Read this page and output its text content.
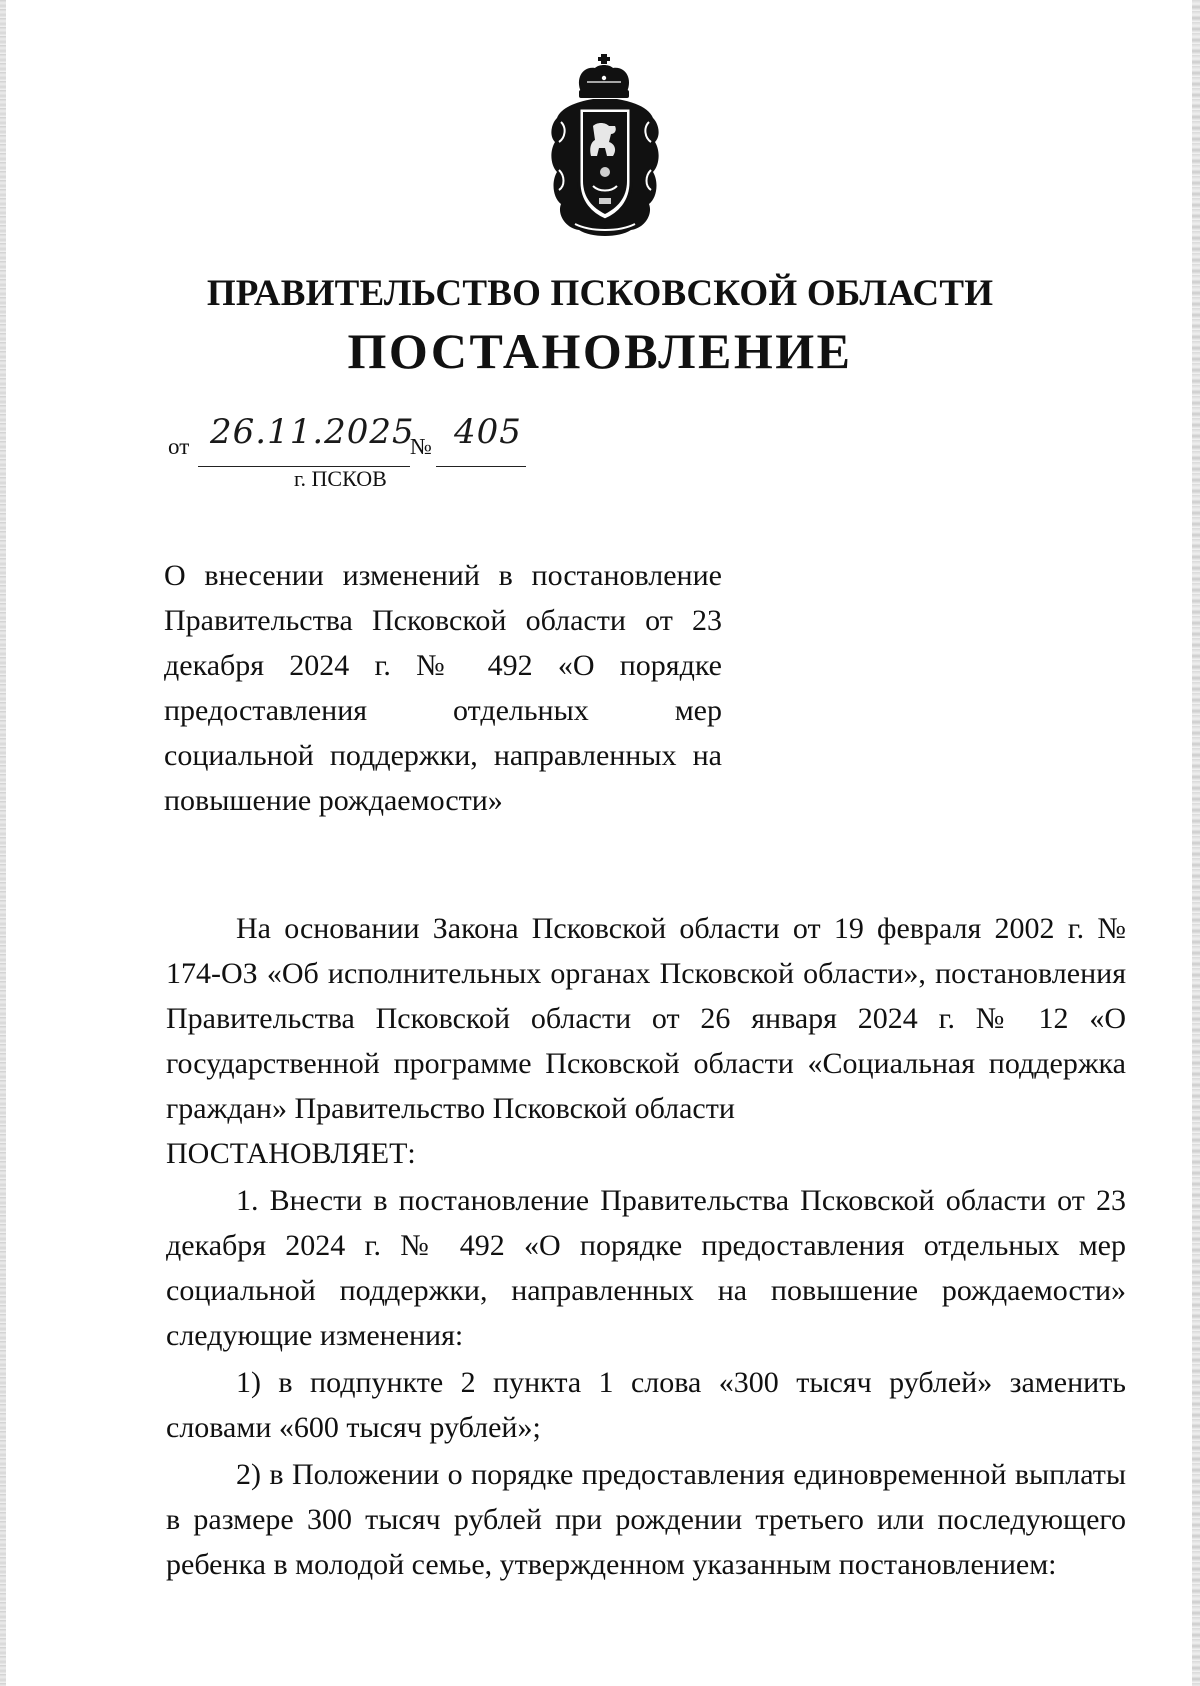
ПРАВИТЕЛЬСТВО ПСКОВСКОЙ ОБЛАСТИ
ПОСТАНОВЛЕНИЕ
от 26.11.2025
№ 405
г. ПСКОВ
О внесении изменений в постановление Правительства Псковской области от 23 декабря 2024 г. № 492 «О порядке предоставления отдельных мер социальной поддержки, направленных на повышение рождаемости»

На основании Закона Псковской области от 19 февраля 2002 г. № 174-ОЗ «Об исполнительных органах Псковской области», постановления Правительства Псковской области от 26 января 2024 г. № 12 «О государственной программе Псковской области «Социальная поддержка граждан» Правительство Псковской области

ПОСТАНОВЛЯЕТ:

1. Внести в постановление Правительства Псковской области от 23 декабря 2024 г. № 492 «О порядке предоставления отдельных мер социальной поддержки, направленных на повышение рождаемости» следующие изменения:

1) в подпункте 2 пункта 1 слова «300 тысяч рублей» заменить словами «600 тысяч рублей»;

2) в Положении о порядке предоставления единовременной выплаты в размере 300 тысяч рублей при рождении третьего или последующего ребенка в молодой семье, утвержденном указанным постановлением:
